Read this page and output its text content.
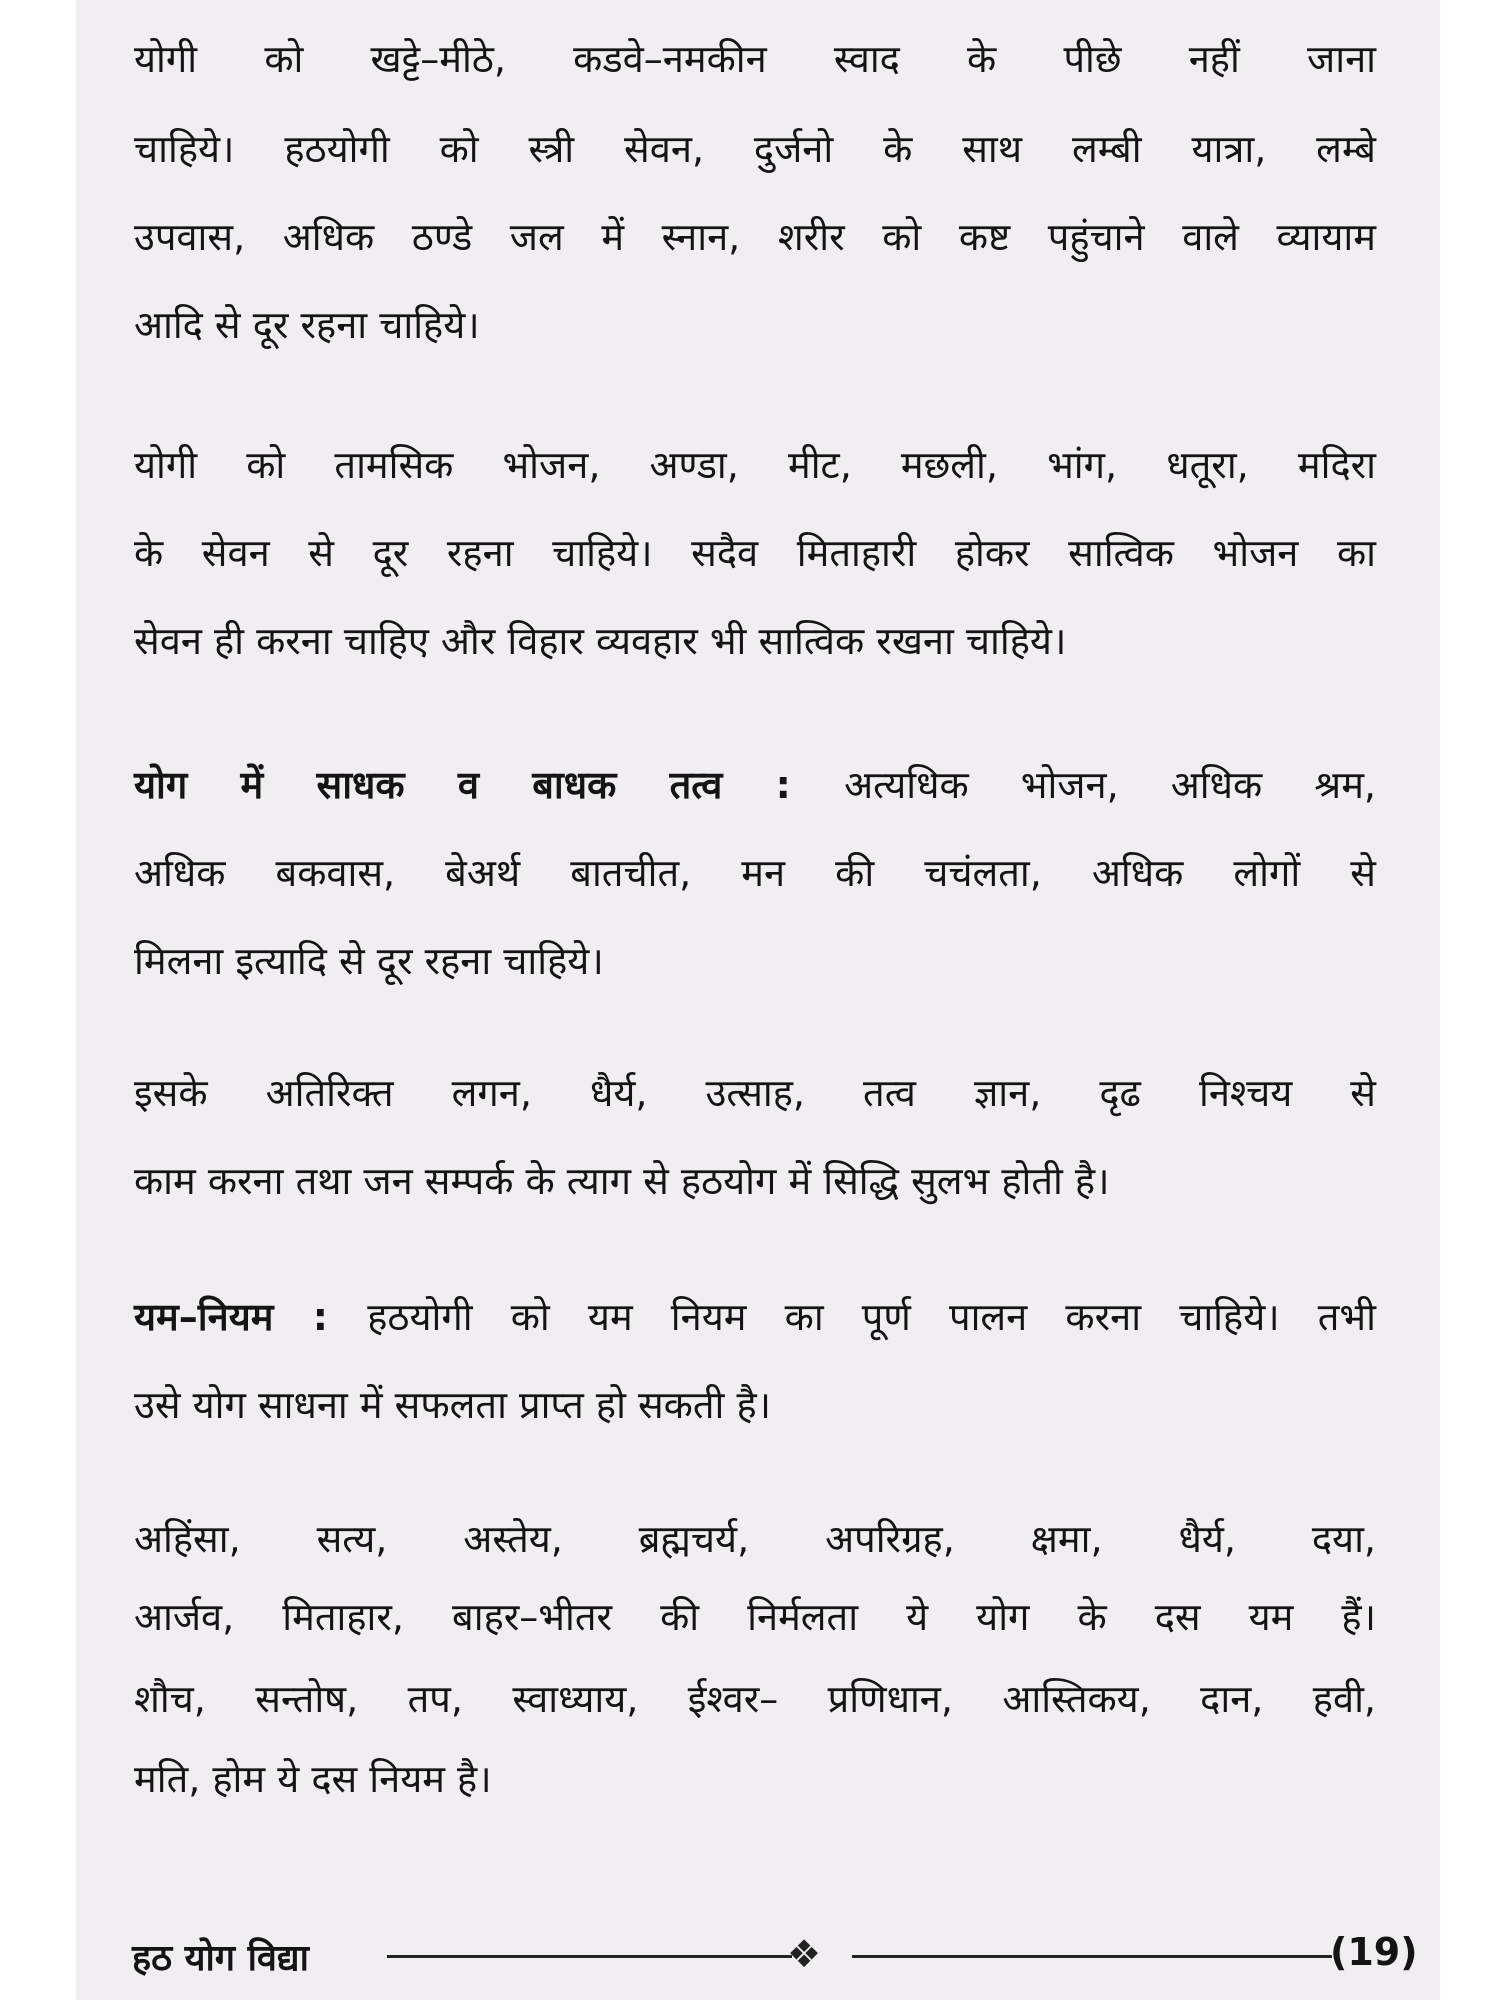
योगी को खट्टे–मीठे, कडवे–नमकीन स्वाद के पीछे नहीं जाना

चाहिये। हठयोगी को स्त्री सेवन, दुर्जनो के साथ लम्बी यात्रा, लम्बे

उपवास, अधिक ठण्डे जल में स्नान, शरीर को कष्ट पहुंचाने वाले व्यायाम

आदि से दूर रहना चाहिये।

योगी को तामसिक भोजन, अण्डा, मीट, मछली, भांग, धतूरा, मदिरा

के सेवन से दूर रहना चाहिये। सदैव मिताहारी होकर सात्विक भोजन का

सेवन ही करना चाहिए और विहार व्यवहार भी सात्विक रखना चाहिये।

योग में साधक व बाधक तत्व : अत्यधिक भोजन, अधिक श्रम,

अधिक बकवास, बेअर्थ बातचीत, मन की चचंलता, अधिक लोगों से

मिलना इत्यादि से दूर रहना चाहिये।

इसके अतिरिक्त लगन, धैर्य, उत्साह, तत्व ज्ञान, दृढ निश्चय से

काम करना तथा जन सम्पर्क के त्याग से हठयोग में सिद्धि सुलभ होती है।

यम–नियम : हठयोगी को यम नियम का पूर्ण पालन करना चाहिये। तभी

उसे योग साधना में सफलता प्राप्त हो सकती है।

अहिंसा, सत्य, अस्तेय, ब्रह्मचर्य, अपरिग्रह, क्षमा, धैर्य, दया,

आर्जव, मिताहार, बाहर–भीतर की निर्मलता ये योग के दस यम हैं।

शौच, सन्तोष, तप, स्वाध्याय, ईश्वर– प्रणिधान, आस्तिकय, दान, हवी,

मति, होम ये दस नियम है।

हठ योग विद्या	❖	(19)
